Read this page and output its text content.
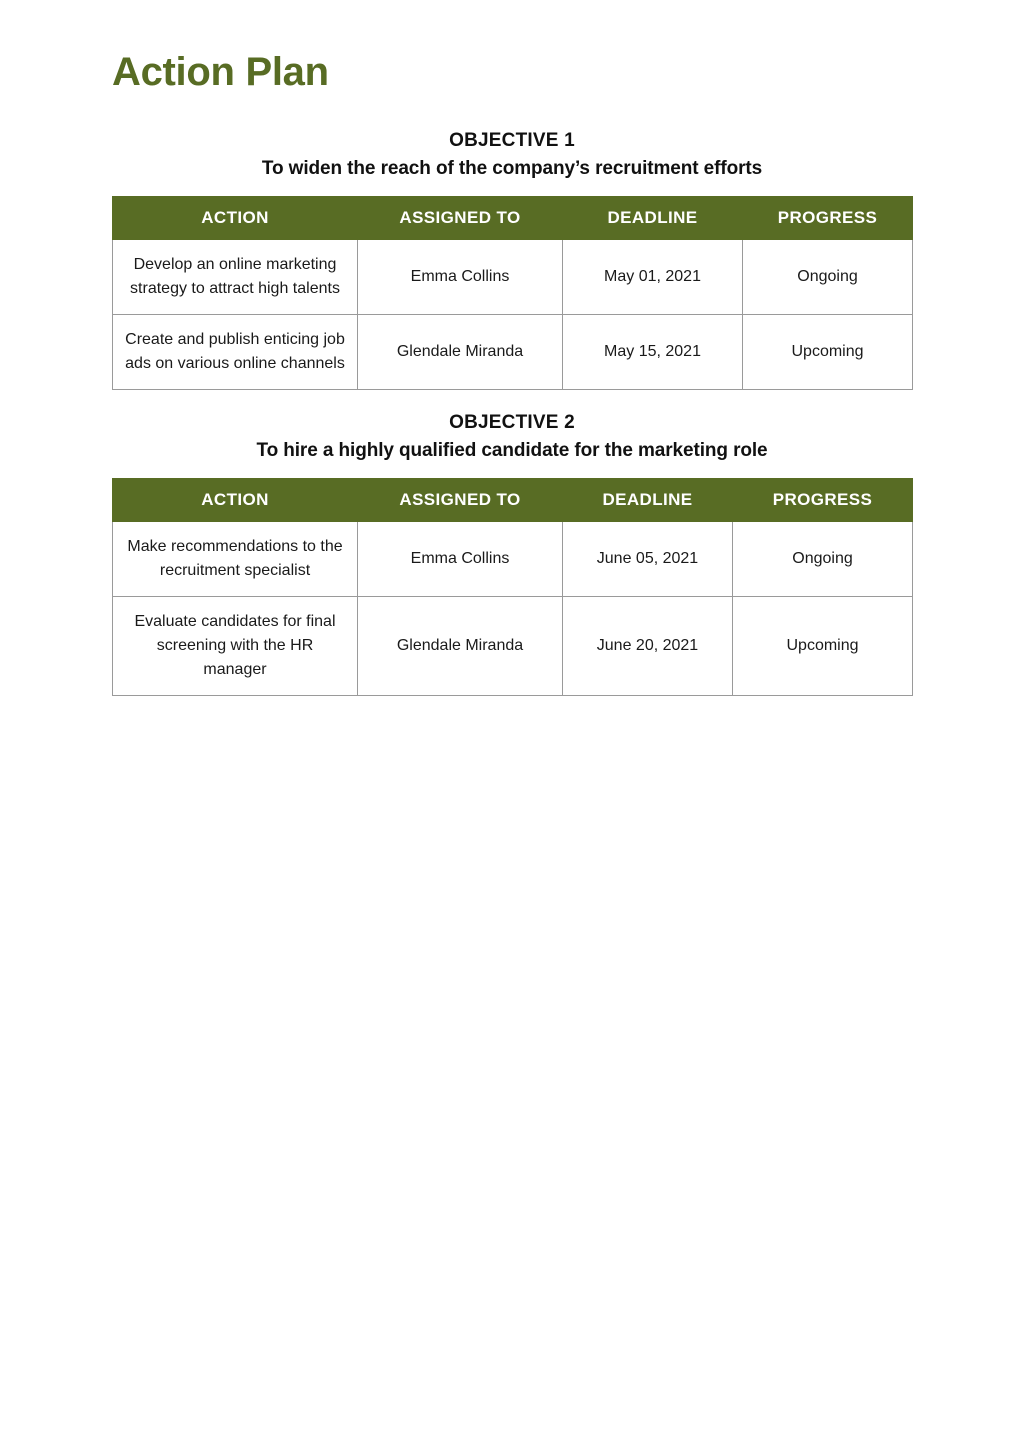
Action Plan
OBJECTIVE 1
To widen the reach of the company’s recruitment efforts
ACTION	ASSIGNED TO	DEADLINE	PROGRESS
Develop an online marketing strategy to attract high talents	Emma Collins	May 01, 2021	Ongoing
Create and publish enticing job ads on various online channels	Glendale Miranda	May 15, 2021	Upcoming
OBJECTIVE 2
To hire a highly qualified candidate for the marketing role
ACTION	ASSIGNED TO	DEADLINE	PROGRESS
Make recommendations to the recruitment specialist	Emma Collins	June 05, 2021	Ongoing
Evaluate candidates for final screening with the HR manager	Glendale Miranda	June 20, 2021	Upcoming
